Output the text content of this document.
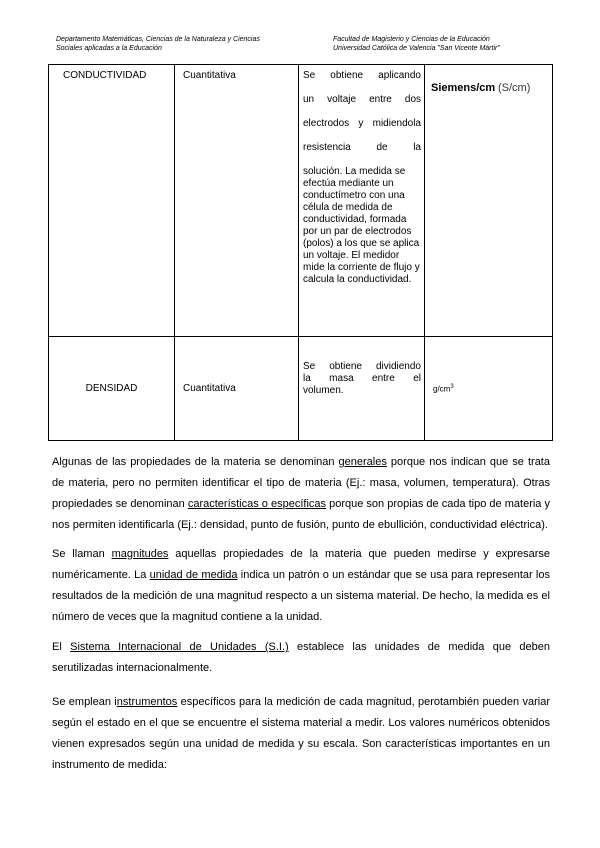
Departamento Matemáticas, Ciencias de la Naturaleza y Ciencias
Sociales aplicadas a la Educación
Facultad de Magisterio y Ciencias de la Educación
Universidad Católica de Valencia "San Vicente Mártir"
CONDUCTIVIDAD	Cuantitativa	Se obtiene aplicando

un voltaje entre dos

electrodos y midiendola

resistencia de la

solución. La medida se efectúa mediante un conductímetro con una célula de medida de conductividad, formada por un par de electrodos (polos) a los que se aplica un voltaje. El medidor mide la corriente de flujo y calcula la conductividad.	Siemens/cm (S/cm)
DENSIDAD	Cuantitativa	Se obtiene dividiendo
la masa entre el
volumen.	$g/cm^3$

Algunas de las propiedades de la materia se denominan generales porque nos indican que se trata de materia, pero no permiten identificar el tipo de materia (Ej.: masa, volumen, temperatura). Otras propiedades se denominan características o específicas porque son propias de cada tipo de materia y nos permiten identificarla (Ej.: densidad, punto de fusión, punto de ebullición, conductividad eléctrica).

Se llaman magnitudes aquellas propiedades de la materia que pueden medirse y expresarse numéricamente. La unidad de medida indica un patrón o un estándar que se usa para representar los resultados de la medición de una magnitud respecto a un sistema material. De hecho, la medida es el número de veces que la magnitud contiene a la unidad.

El Sistema Internacional de Unidades (S.I.) establece las unidades de medida que deben serutilizadas internacionalmente.

Se emplean instrumentos específicos para la medición de cada magnitud, perotambién pueden variar según el estado en el que se encuentre el sistema material a medir. Los valores numéricos obtenidos vienen expresados según una unidad de medida y su escala. Son características importantes en un instrumento de medida:
